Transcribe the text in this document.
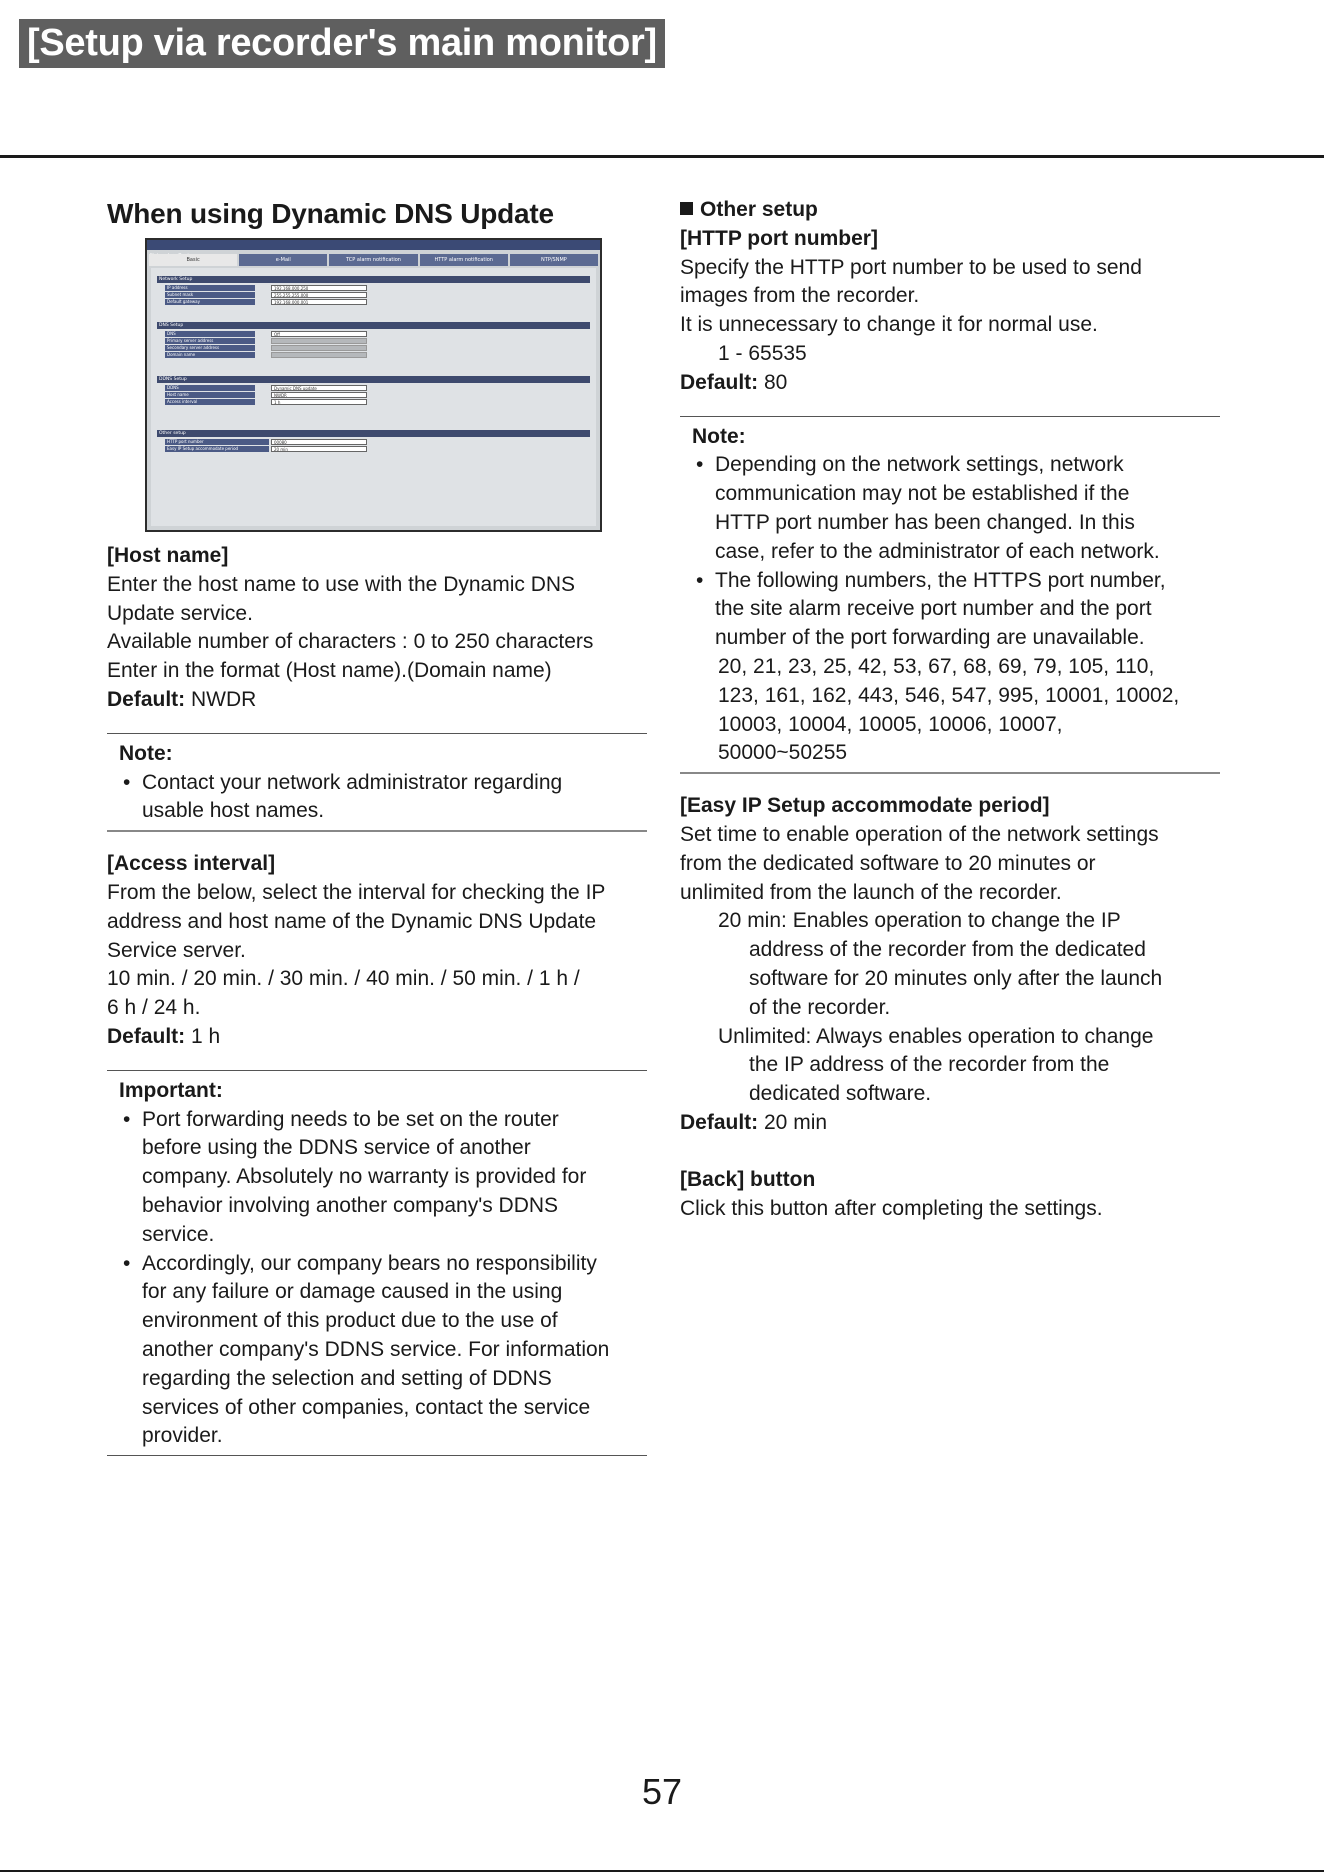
[Setup via recorder's main monitor]
When using Dynamic DNS Update
Basic	e-Mail	TCP alarm notification	HTTP alarm notification	NTP/SNMP
Network Setup
IP address	192.168.000.250
Subnet mask	255.255.255.000
Default gateway	192.168.000.001
DNS Setup
DNS	Off
Primary server address
Secondary server address
Domain name
DDNS Setup
DDNS	Dynamic DNS update
Host name	NWDR
Access interval	1 h
Other setup
HTTP port number	00080
Easy IP Setup accommodate period	20 min
[Host name]
Enter the host name to use with the Dynamic DNS
Update service.
Available number of characters : 0 to 250 characters
Enter in the format (Host name).(Domain name)
Default: NWDR
Note:
• Contact your network administrator regarding
usable host names.
[Access interval]
From the below, select the interval for checking the IP
address and host name of the Dynamic DNS Update
Service server.
10 min. / 20 min. / 30 min. / 40 min. / 50 min. / 1 h /
6 h / 24 h.
Default: 1 h
Important:
• Port forwarding needs to be set on the router
before using the DDNS service of another
company. Absolutely no warranty is provided for
behavior involving another company's DDNS
service.
• Accordingly, our company bears no responsibility
for any failure or damage caused in the using
environment of this product due to the use of
another company's DDNS service. For information
regarding the selection and setting of DDNS
services of other companies, contact the service
provider.
Other setup
[HTTP port number]
Specify the HTTP port number to be used to send
images from the recorder.
It is unnecessary to change it for normal use.
1 - 65535
Default: 80
Note:
• Depending on the network settings, network
communication may not be established if the
HTTP port number has been changed. In this
case, refer to the administrator of each network.
• The following numbers, the HTTPS port number,
the site alarm receive port number and the port
number of the port forwarding are unavailable.
20, 21, 23, 25, 42, 53, 67, 68, 69, 79, 105, 110,
123, 161, 162, 443, 546, 547, 995, 10001, 10002,
10003, 10004, 10005, 10006, 10007,
50000~50255
[Easy IP Setup accommodate period]
Set time to enable operation of the network settings
from the dedicated software to 20 minutes or
unlimited from the launch of the recorder.
20 min: Enables operation to change the IP
address of the recorder from the dedicated
software for 20 minutes only after the launch
of the recorder.
Unlimited: Always enables operation to change
the IP address of the recorder from the
dedicated software.
Default: 20 min
[Back] button
Click this button after completing the settings.
57
